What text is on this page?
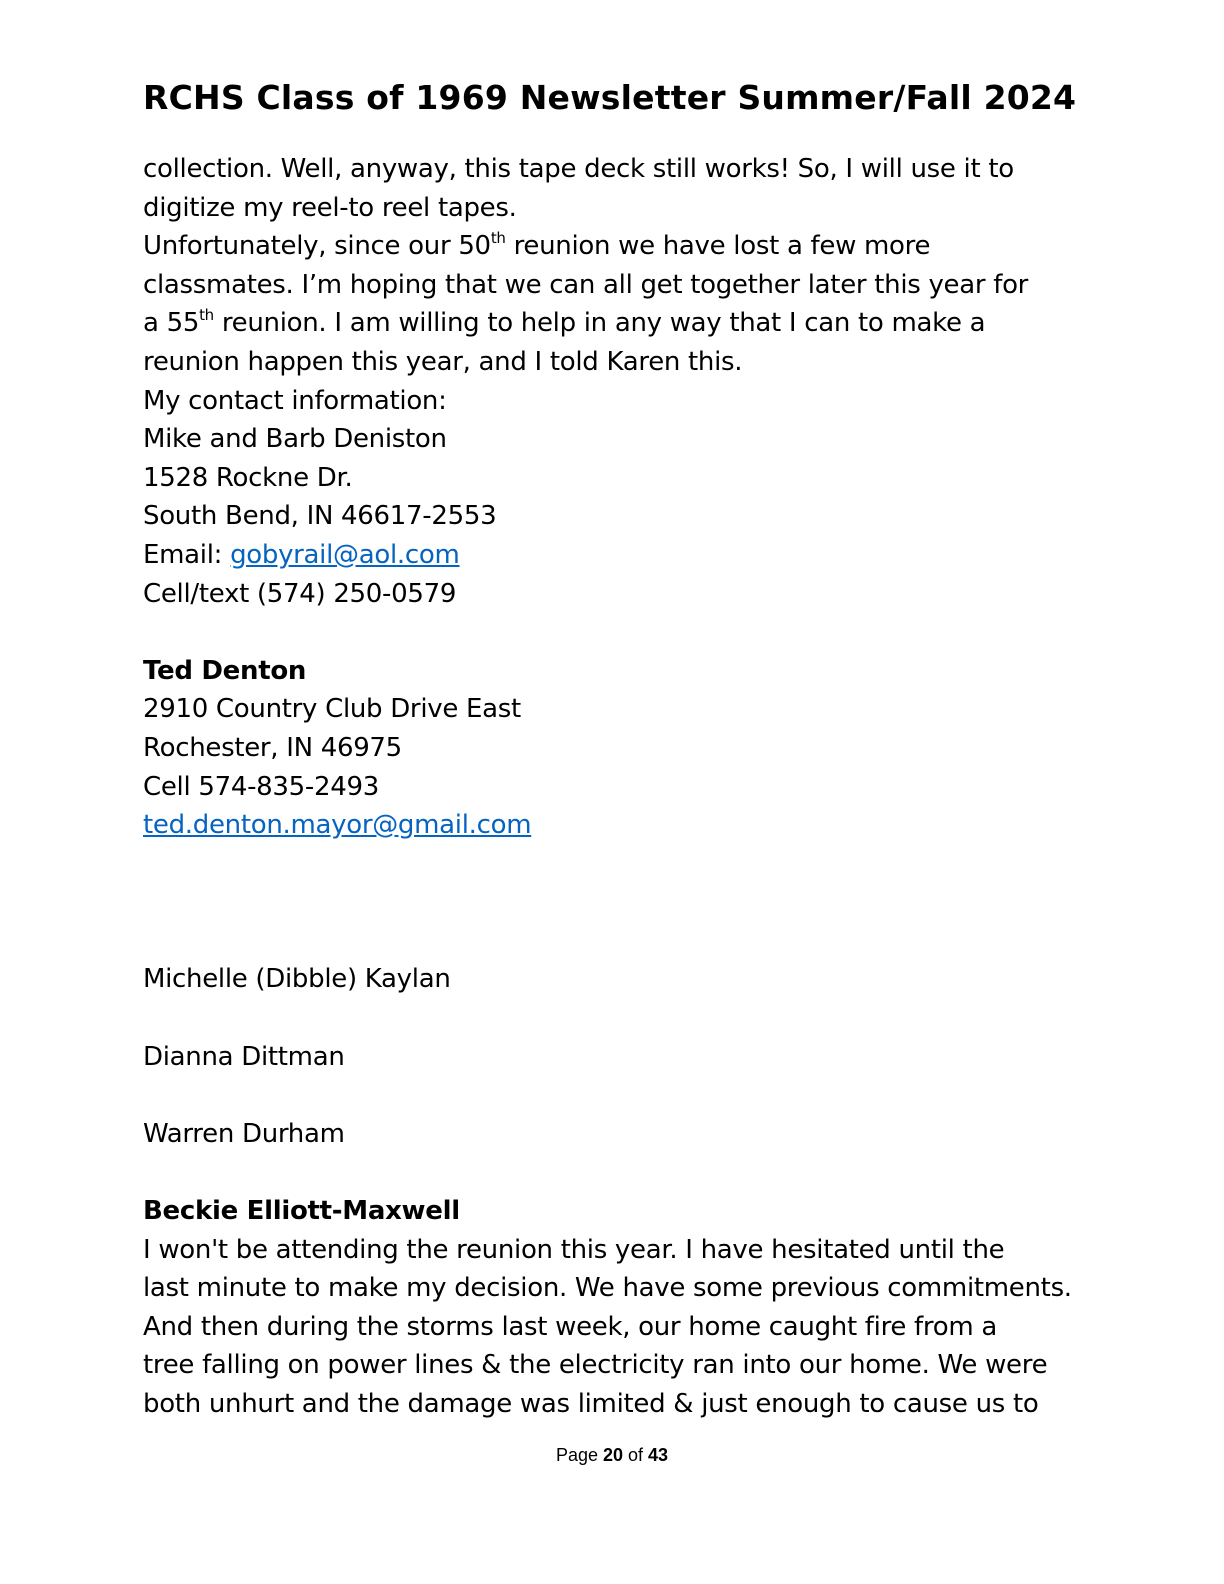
RCHS Class of 1969 Newsletter Summer/Fall 2024
collection. Well, anyway, this tape deck still works! So, I will use it to
digitize my reel-to reel tapes.
Unfortunately, since our 50th reunion we have lost a few more
classmates. I’m hoping that we can all get together later this year for
a 55th reunion. I am willing to help in any way that I can to make a
reunion happen this year, and I told Karen this.
My contact information:
Mike and Barb Deniston
1528 Rockne Dr.
South Bend, IN 46617-2553
Email: gobyrail@aol.com
Cell/text (574) 250-0579
Ted Denton
2910 Country Club Drive East
Rochester, IN 46975
Cell 574-835-2493
ted.denton.mayor@gmail.com
Michelle (Dibble) Kaylan
Dianna Dittman
Warren Durham
Beckie Elliott-Maxwell
I won't be attending the reunion this year. I have hesitated until the
last minute to make my decision. We have some previous commitments.
And then during the storms last week, our home caught fire from a
tree falling on power lines & the electricity ran into our home. We were
both unhurt and the damage was limited & just enough to cause us to
Page 20 of 43
